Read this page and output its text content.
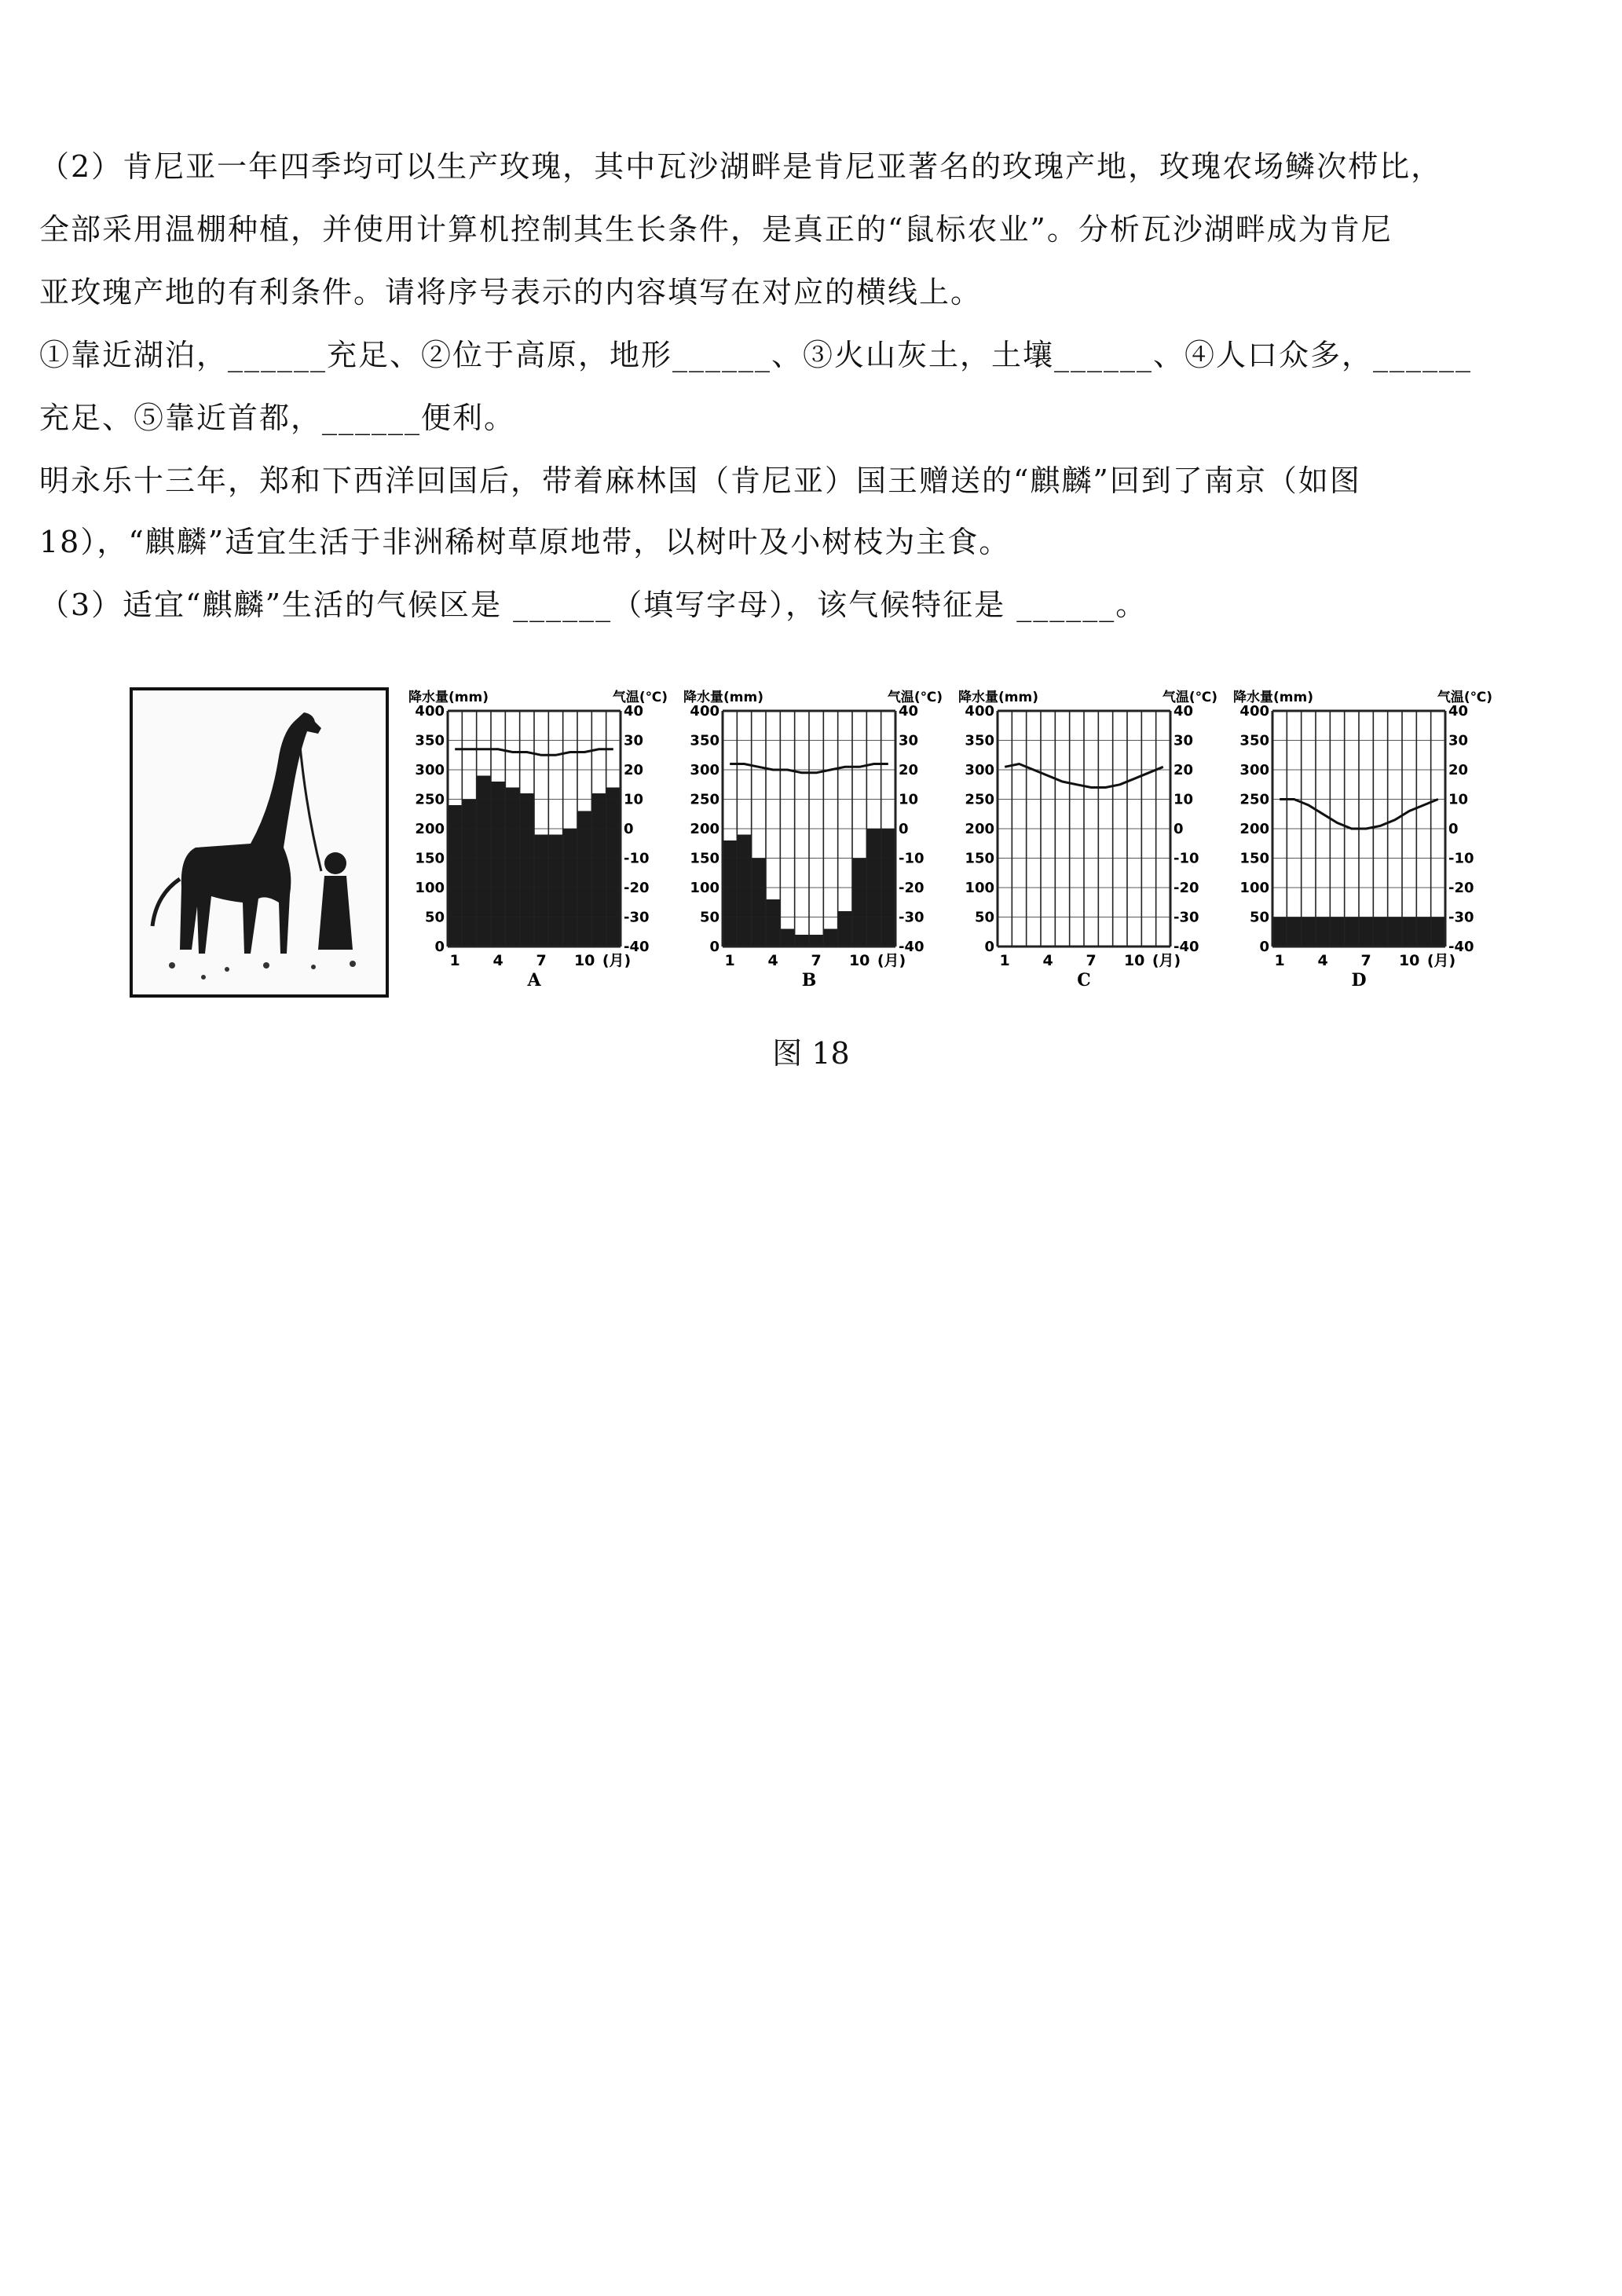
（2）肯尼亚一年四季均可以生产玫瑰，其中瓦沙湖畔是肯尼亚著名的玫瑰产地，玫瑰农场鳞次栉比，
全部采用温棚种植，并使用计算机控制其生长条件，是真正的“鼠标农业”。分析瓦沙湖畔成为肯尼
亚玫瑰产地的有利条件。请将序号表示的内容填写在对应的横线上。
①靠近湖泊，______充足、②位于高原，地形______、③火山灰土，土壤______、④人口众多，______
充足、⑤靠近首都，______便利。
明永乐十三年，郑和下西洋回国后，带着麻林国（肯尼亚）国王赠送的“麒麟”回到了南京（如图
18），“麒麟”适宜生活于非洲稀树草原地带，以树叶及小树枝为主食。
（3）适宜“麒麟”生活的气候区是 ______（填写字母），该气候特征是 ______。
降水量(mm)	气温(℃)
400
350
300
250
200
150
100
50
0
40
30
20
10
0
-10
-20
-30
-40
1 4 7 10 (月)
A
降水量(mm)	气温(℃)
400
350
300
250
200
150
100
50
0
40
30
20
10
0
-10
-20
-30
-40
1 4 7 10 (月)
B
降水量(mm)	气温(℃)
400
350
300
250
200
150
100
50
0
40
30
20
10
0
-10
-20
-30
-40
1 4 7 10 (月)
C
降水量(mm)	气温(℃)
400
350
300
250
200
150
100
50
0
40
30
20
10
0
-10
-20
-30
-40
1 4 7 10 (月)
D
图 18
